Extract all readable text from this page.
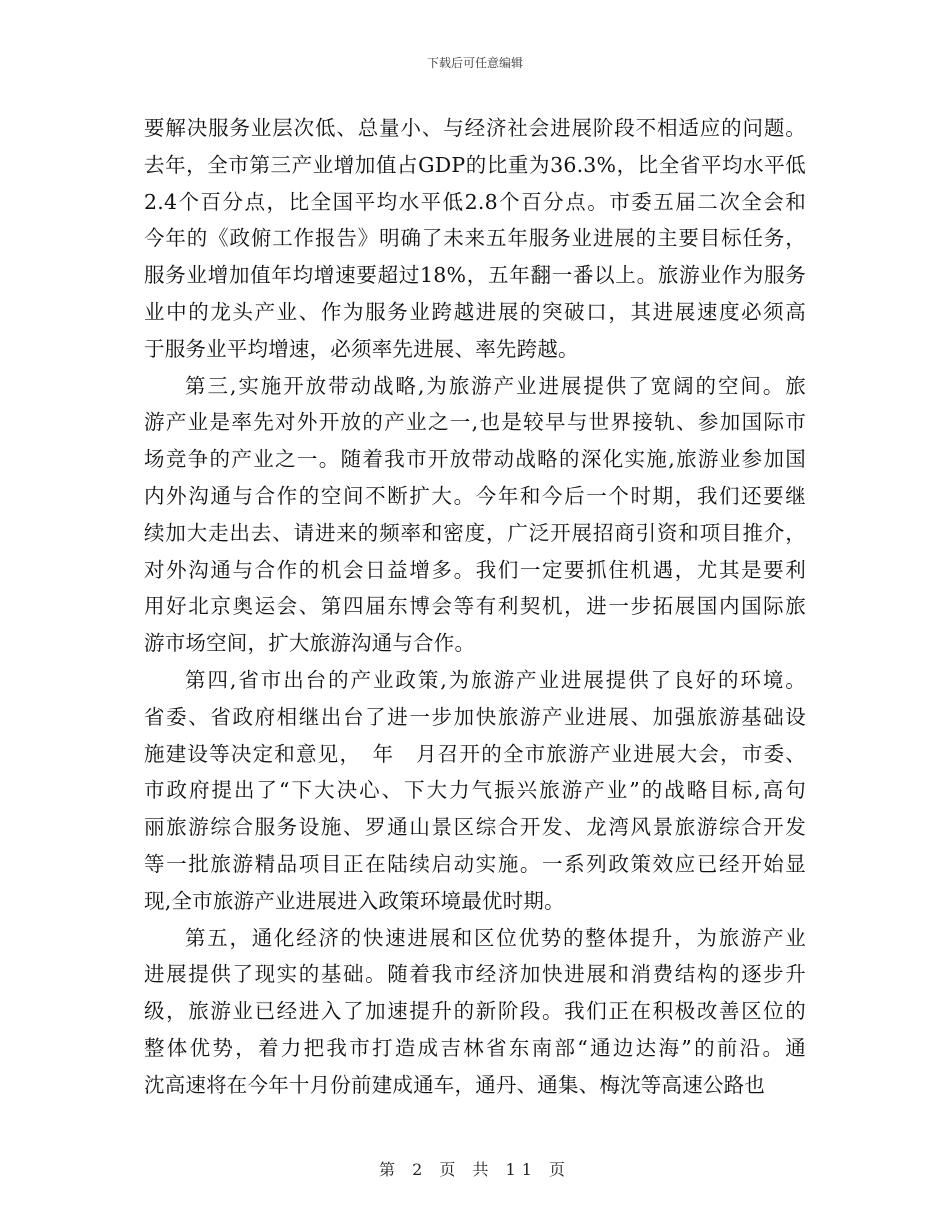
下载后可任意编辑
要解决服务业层次低、总量小、与经济社会进展阶段不相适应的问题。
去年，全市第三产业增加值占GDP的比重为36.3%，比全省平均水平低
2.4个百分点，比全国平均水平低2.8个百分点。市委五届二次全会和
今年的《政俯工作报告》明确了未来五年服务业进展的主要目标任务，
服务业增加值年均增速要超过18%，五年翻一番以上。旅游业作为服务
业中的龙头产业、作为服务业跨越进展的突破口，其进展速度必须高
于服务业平均增速，必须率先进展、率先跨越。
第三,实施开放带动战略,为旅游产业进展提供了宽阔的空间。旅
游产业是率先对外开放的产业之一,也是较早与世界接轨、参加国际市
场竞争的产业之一。随着我市开放带动战略的深化实施,旅游业参加国
内外沟通与合作的空间不断扩大。今年和今后一个时期，我们还要继
续加大走出去、请进来的频率和密度，广泛开展招商引资和项目推介，
对外沟通与合作的机会日益增多。我们一定要抓住机遇，尤其是要利
用好北京奥运会、第四届东博会等有利契机，进一步拓展国内国际旅
游市场空间，扩大旅游沟通与合作。
第四,省市出台的产业政策,为旅游产业进展提供了良好的环境。
省委、省政府相继出台了进一步加快旅游产业进展、加强旅游基础设
施建设等决定和意见，　年　月召开的全市旅游产业进展大会，市委、
市政府提出了“下大决心、下大力气振兴旅游产业”的战略目标,高句
丽旅游综合服务设施、罗通山景区综合开发、龙湾风景旅游综合开发
等一批旅游精品项目正在陆续启动实施。一系列政策效应已经开始显
现,全市旅游产业进展进入政策环境最优时期。
第五，通化经济的快速进展和区位优势的整体提升，为旅游产业
进展提供了现实的基础。随着我市经济加快进展和消费结构的逐步升
级，旅游业已经进入了加速提升的新阶段。我们正在积极改善区位的
整体优势，着力把我市打造成吉林省东南部“通边达海”的前沿。通
沈高速将在今年十月份前建成通车，通丹、通集、梅沈等高速公路也
第 2 页 共 11 页
